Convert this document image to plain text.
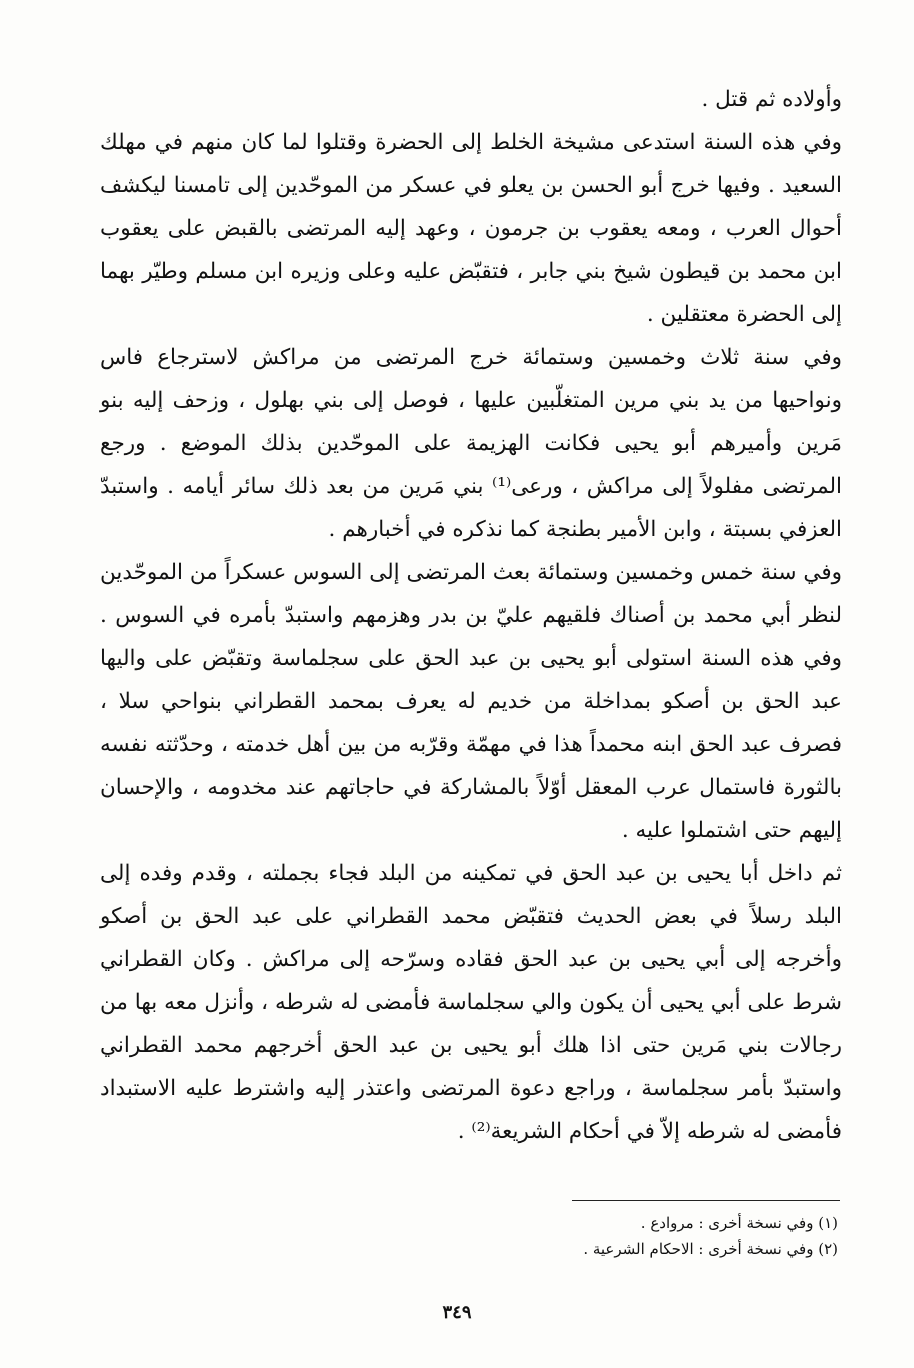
وأولاده ثم قتل .

وفي هذه السنة استدعى مشيخة الخلط إلى الحضرة وقتلوا لما كان منهم في مهلك السعيد . وفيها خرج أبو الحسن بن يعلو في عسكر من الموحّدين إلى تامسنا ليكشف أحوال العرب ، ومعه يعقوب بن جرمون ، وعهد إليه المرتضى بالقبض على يعقوب ابن محمد بن قيطون شيخ بني جابر ، فتقبّض عليه وعلى وزيره ابن مسلم وطيّر بهما إلى الحضرة معتقلين .

وفي سنة ثلاث وخمسين وستمائة خرج المرتضى من مراكش لاسترجاع فاس ونواحيها من يد بني مرين المتغلّبين عليها ، فوصل إلى بني بهلول ، وزحف إليه بنو مَرين وأميرهم أبو يحيى فكانت الهزيمة على الموحّدين بذلك الموضع . ورجع المرتضى مفلولاً إلى مراكش ، ورعى⁽¹⁾ بني مَرين من بعد ذلك سائر أيامه . واستبدّ العزفي بسبتة ، وابن الأمير بطنجة كما نذكره في أخبارهم .

وفي سنة خمس وخمسين وستمائة بعث المرتضى إلى السوس عسكراً من الموحّدين لنظر أبي محمد بن أصناك فلقيهم عليّ بن بدر وهزمهم واستبدّ بأمره في السوس . وفي هذه السنة استولى أبو يحيى بن عبد الحق على سجلماسة وتقبّض على واليها عبد الحق بن أصكو بمداخلة من خديم له يعرف بمحمد القطراني بنواحي سلا ، فصرف عبد الحق ابنه محمداً هذا في مهمّة وقرّبه من بين أهل خدمته ، وحدّثته نفسه بالثورة فاستمال عرب المعقل أوّلاً بالمشاركة في حاجاتهم عند مخدومه ، والإحسان إليهم حتى اشتملوا عليه .

ثم داخل أبا يحيى بن عبد الحق في تمكينه من البلد فجاء بجملته ، وقدم وفده إلى البلد رسلاً في بعض الحديث فتقبّض محمد القطراني على عبد الحق بن أصكو وأخرجه إلى أبي يحيى بن عبد الحق فقاده وسرّحه إلى مراكش . وكان القطراني شرط على أبي يحيى أن يكون والي سجلماسة فأمضى له شرطه ، وأنزل معه بها من رجالات بني مَرين حتى اذا هلك أبو يحيى بن عبد الحق أخرجهم محمد القطراني واستبدّ بأمر سجلماسة ، وراجع دعوة المرتضى واعتذر إليه واشترط عليه الاستبداد فأمضى له شرطه إلاّ في أحكام الشريعة⁽²⁾ .

(١) وفي نسخة أخرى : مروادع .
(٢) وفي نسخة أخرى : الاحكام الشرعية .
٣٤٩
